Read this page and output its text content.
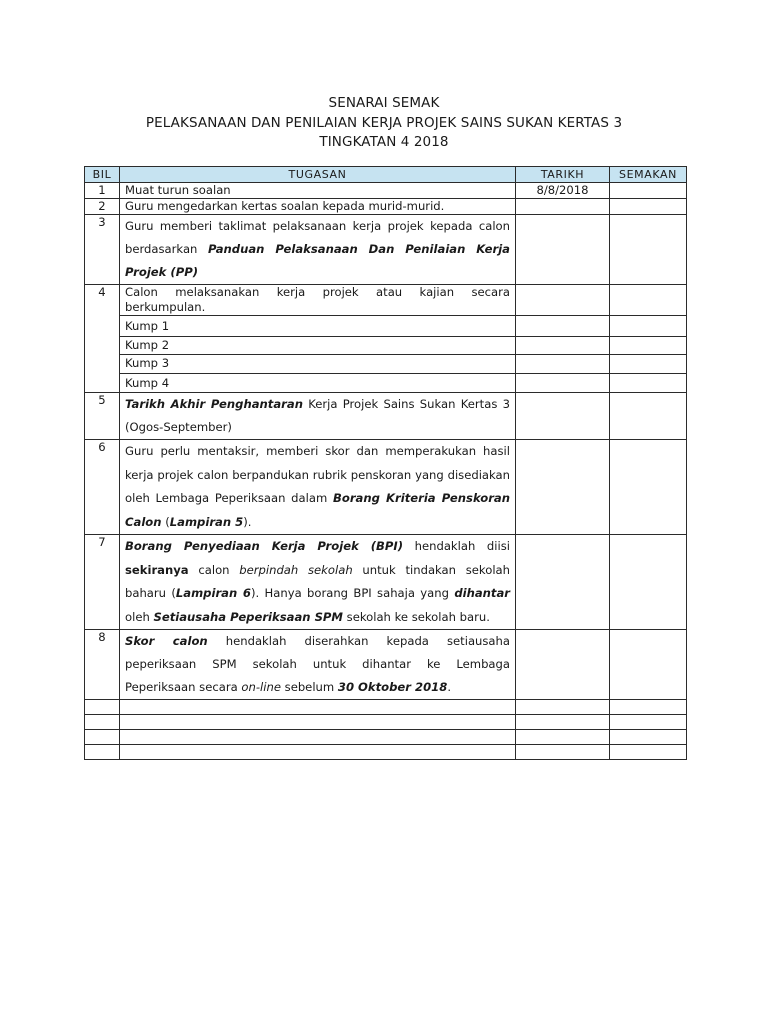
SENARAI SEMAK
PELAKSANAAN DAN PENILAIAN KERJA PROJEK SAINS SUKAN KERTAS 3
TINGKATAN 4 2018
BIL	TUGASAN	TARIKH	SEMAKAN
1	Muat turun soalan	8/8/2018	
2	Guru mengedarkan kertas soalan kepada murid-murid.		
3	Guru memberi taklimat pelaksanaan kerja projek kepada calon berdasarkan Panduan Pelaksanaan Dan Penilaian Kerja Projek (PP)		
4	Calon melaksanakan kerja projek atau kajian secara berkumpulan.		
	Kump 1		
	Kump 2		
	Kump 3		
	Kump 4		
5	Tarikh Akhir Penghantaran Kerja Projek Sains Sukan Kertas 3 (Ogos-September)		
6	Guru perlu mentaksir, memberi skor dan memperakukan hasil kerja projek calon berpandukan rubrik penskoran yang disediakan oleh Lembaga Peperiksaan dalam Borang Kriteria Penskoran Calon (Lampiran 5).		
7	Borang Penyediaan Kerja Projek (BPI) hendaklah diisi sekiranya calon berpindah sekolah untuk tindakan sekolah baharu (Lampiran 6). Hanya borang BPI sahaja yang dihantar oleh Setiausaha Peperiksaan SPM sekolah ke sekolah baru.		
8	Skor calon hendaklah diserahkan kepada setiausaha peperiksaan SPM sekolah untuk dihantar ke Lembaga Peperiksaan secara on-line sebelum 30 Oktober 2018.		
